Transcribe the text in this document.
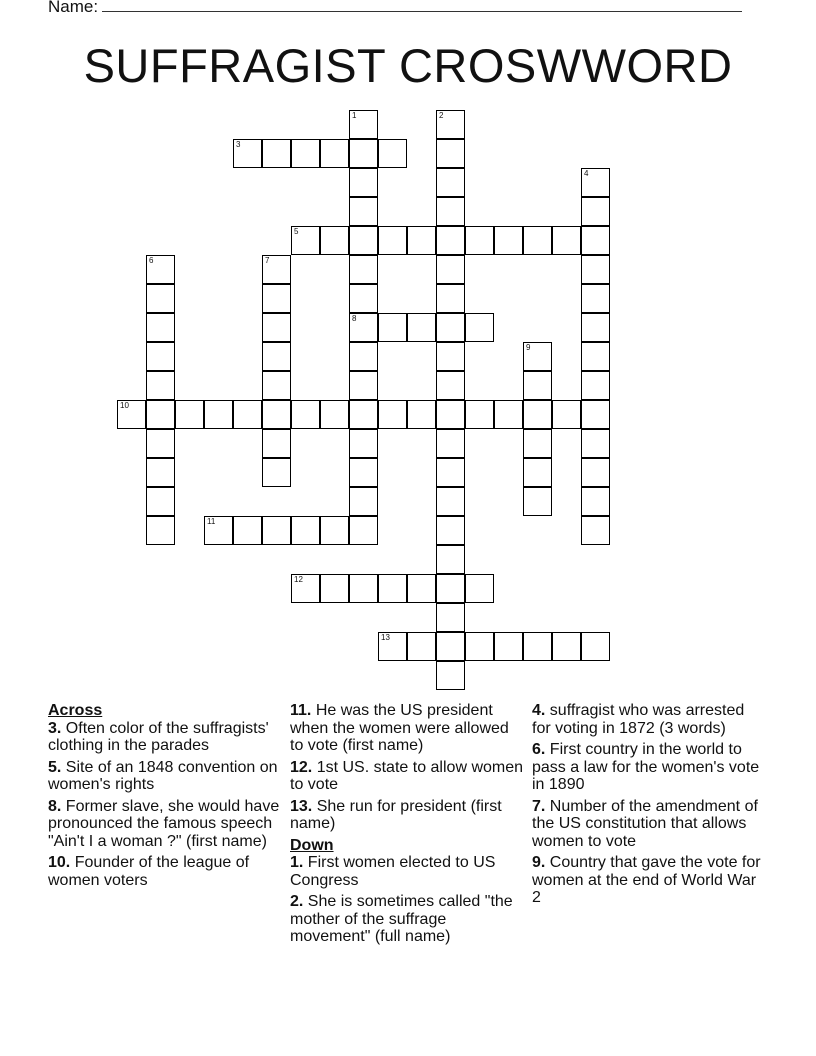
Name:
SUFFRAGIST CROSWWORD
3
5
8
10
11
12
13
1	2
4
6	7
9
Across
3. Often color of the suffragists' clothing in the parades
5. Site of an 1848 convention on women's rights
8. Former slave, she would have pronounced the famous speech "Ain't I a woman ?" (first name)
10. Founder of the league of women voters
11. He was the US president when the women were allowed to vote (first name)
12. 1st US. state to allow women to vote
13. She run for president (first name)
Down
1. First women elected to US Congress
2. She is sometimes called "the mother of the suffrage movement" (full name)
4. suffragist who was arrested for voting in 1872 (3 words)
6. First country in the world to pass a law for the women's vote in 1890
7. Number of the amendment of the US constitution that allows women to vote
9. Country that gave the vote for women at the end of World War 2
